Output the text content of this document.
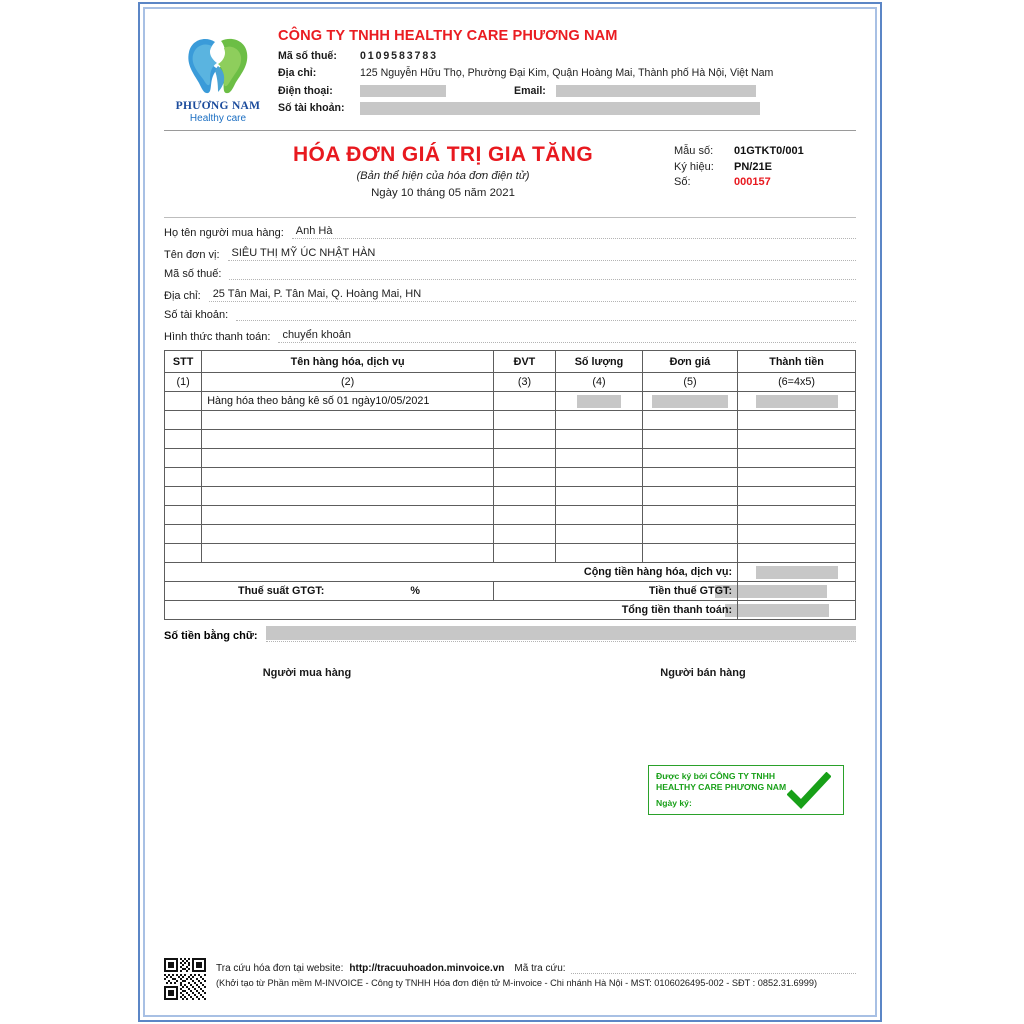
PHƯƠNG NAM
Healthy care
CÔNG TY TNHH HEALTHY CARE PHƯƠNG NAM
Mã số thuế:	0109583783
Địa chỉ:	125 Nguyễn Hữu Thọ, Phường Đại Kim, Quận Hoàng Mai, Thành phố Hà Nội, Việt Nam
Điện thoại:	Email:
Số tài khoản:
HÓA ĐƠN GIÁ TRỊ GIA TĂNG
(Bản thể hiện của hóa đơn điện tử)
Ngày 10 tháng 05 năm 2021
Mẫu số:	01GTKT0/001
Ký hiệu:	PN/21E
Số:	000157
Họ tên người mua hàng:	Anh Hà
Tên đơn vị:	SIÊU THỊ MỸ ÚC NHẬT HÀN
Mã số thuế:
Địa chỉ:	25 Tân Mai, P. Tân Mai, Q. Hoàng Mai, HN
Số tài khoản:
Hình thức thanh toán:	chuyển khoản
STT	Tên hàng hóa, dịch vụ	ĐVT	Số lượng	Đơn giá	Thành tiền
(1)	(2)	(3)	(4)	(5)	(6=4x5)
	Hàng hóa theo bảng kê số 01 ngày10/05/2021		

Cộng tiền hàng hóa, dịch vụ:					

Thuế suất GTGT: %		Tiền thuế GTGT:			

Tổng tiền thanh toán:					
Số tiền bằng chữ:
Người mua hàng	Người bán hàng
Được ký bởi CÔNG TY TNHH
HEALTHY CARE PHƯƠNG NAM
Ngày ký:
Tra cứu hóa đơn tại website: http://tracuuhoadon.minvoice.vn Mã tra cứu:
(Khởi tạo từ Phần mềm M-INVOICE - Công ty TNHH Hóa đơn điện tử M-invoice - Chi nhánh Hà Nội - MST: 0106026495-002 - SĐT : 0852.31.6999)
